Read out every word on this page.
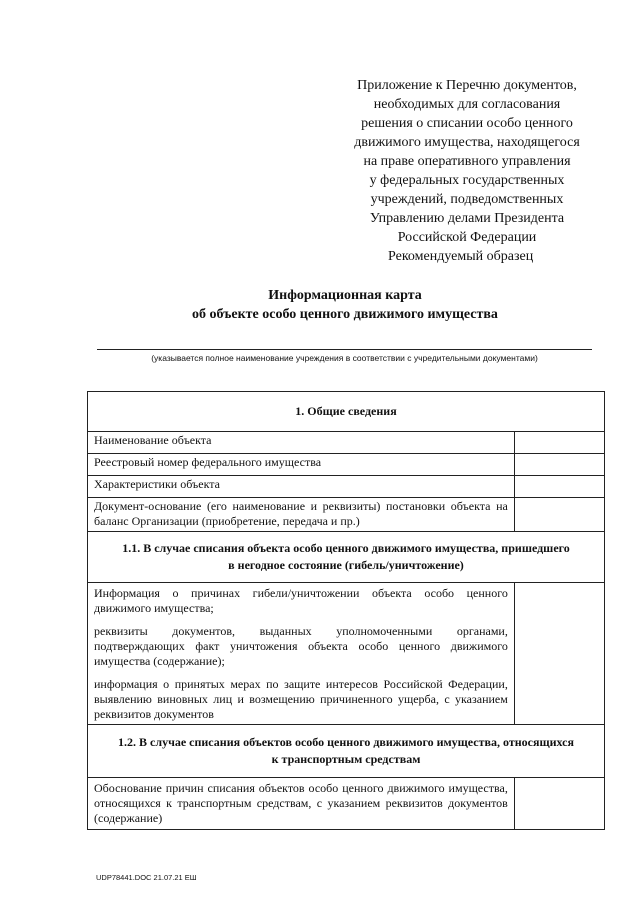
Приложение к Перечню документов,
необходимых для согласования
решения о списании особо ценного
движимого имущества, находящегося
на праве оперативного управления
у федеральных государственных
учреждений, подведомственных
Управлению делами Президента
Российской Федерации
Рекомендуемый образец
Информационная карта
об объекте особо ценного движимого имущества
(указывается полное наименование учреждения в соответствии с учредительными документами)
1. Общие сведения	

Наименование объекта	
Реестровый номер федерального имущества	
Характеристики объекта	
Документ-основание (его наименование и реквизиты) постановки объекта на баланс Организации (приобретение, передача и пр.)	

1.1. В случае списания объекта особо ценного движимого имущества, пришедшего
в негодное состояние (гибель/уничтожение)	

Информация о причинах гибели/уничтожении объекта особо ценного движимого имущества;

реквизиты документов, выданных уполномоченными органами, подтверждающих факт уничтожения объекта особо ценного движимого имущества (содержание);

информация о принятых мерах по защите интересов Российской Федерации, выявлению виновных лиц и возмещению причиненного ущерба, с указанием реквизитов документов	

1.2. В случае списания объектов особо ценного движимого имущества, относящихся
к транспортным средствам	

Обоснование причин списания объектов особо ценного движимого имущества, относящихся к транспортным средствам, с указанием реквизитов документов (содержание)	
UDP78441.DOC 21.07.21 ЕШ
